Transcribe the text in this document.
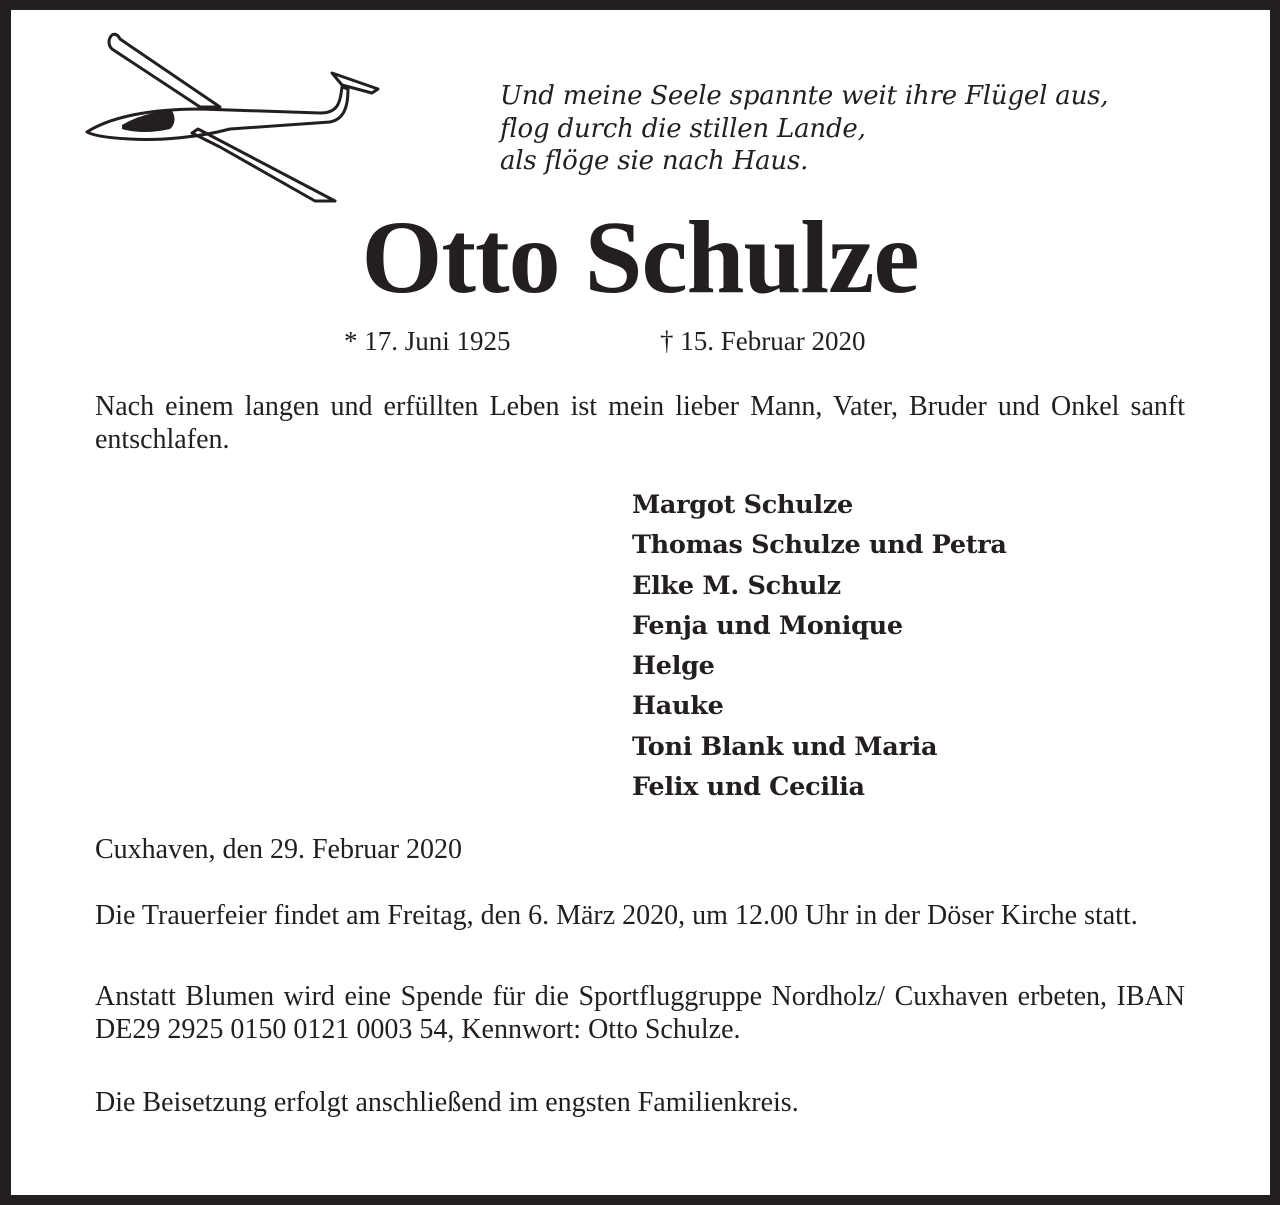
Und meine Seele spannte weit ihre Flügel aus,
flog durch die stillen Lande,
als flöge sie nach Haus.
Otto Schulze
* 17. Juni 1925	† 15. Februar 2020
Nach einem langen und erfüllten Leben ist mein lieber Mann, Vater, Bruder und Onkel sanft entschlafen.
Margot Schulze
Thomas Schulze und Petra
Elke M. Schulz
Fenja und Monique
Helge
Hauke
Toni Blank und Maria
Felix und Cecilia
Cuxhaven, den 29. Februar 2020
Die Trauerfeier findet am Freitag, den 6. März 2020, um 12.00 Uhr in der Döser Kirche statt.
Anstatt Blumen wird eine Spende für die Sportfluggruppe Nordholz/ Cuxhaven erbeten, IBAN DE29 2925 0150 0121 0003 54, Kennwort: Otto Schulze.
Die Beisetzung erfolgt anschließend im engsten Familienkreis.
